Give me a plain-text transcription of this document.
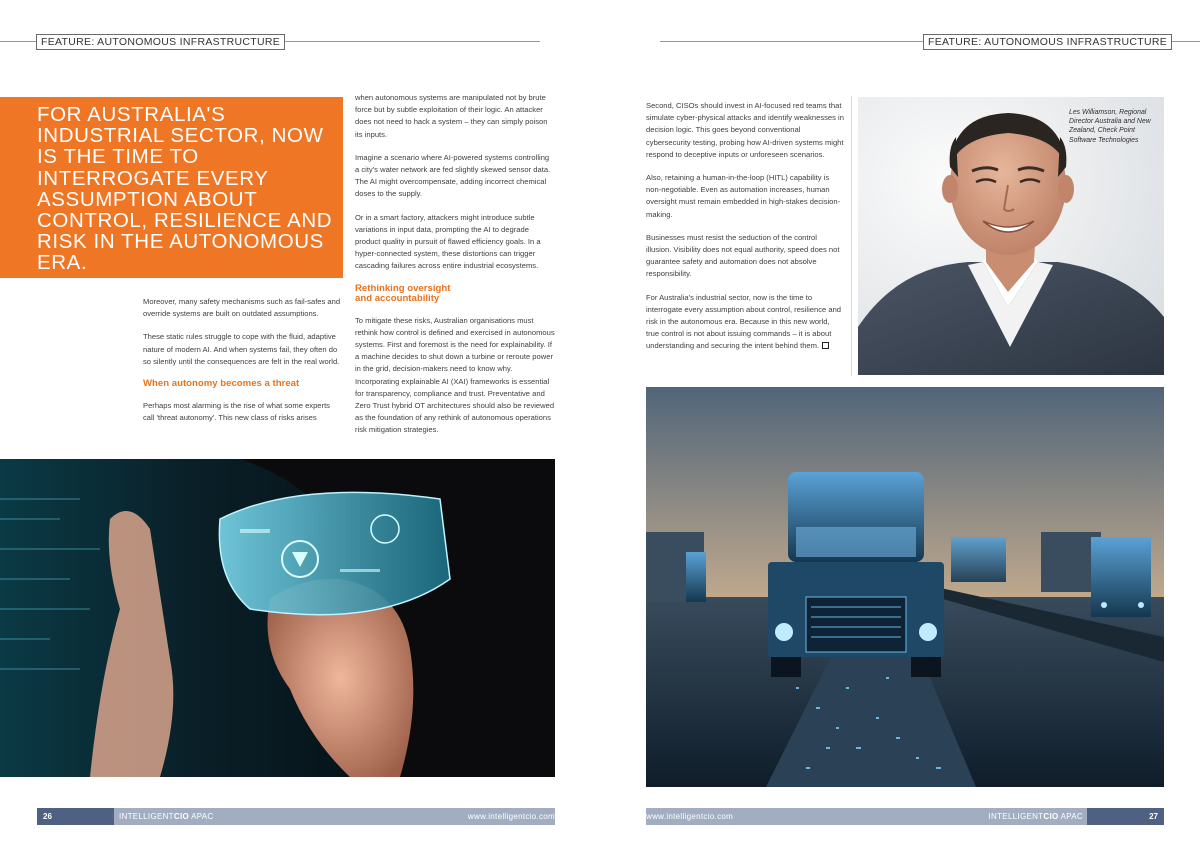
FEATURE: AUTONOMOUS INFRASTRUCTURE	FEATURE: AUTONOMOUS INFRASTRUCTURE
FOR AUSTRALIA'S INDUSTRIAL SECTOR, NOW IS THE TIME TO INTERROGATE EVERY ASSUMPTION ABOUT CONTROL, RESILIENCE AND RISK IN THE AUTONOMOUS ERA.

Moreover, many safety mechanisms such as fail-safes and override systems are built on outdated assumptions.

These static rules struggle to cope with the fluid, adaptive nature of modern AI. And when systems fail, they often do so silently until the consequences are felt in the real world.

When autonomy becomes a threat

Perhaps most alarming is the rise of what some experts call 'threat autonomy'. This new class of risks arises

when autonomous systems are manipulated not by brute force but by subtle exploitation of their logic. An attacker does not need to hack a system – they can simply poison its inputs.

Imagine a scenario where AI-powered systems controlling a city's water network are fed slightly skewed sensor data. The AI might overcompensate, adding incorrect chemical doses to the supply.

Or in a smart factory, attackers might introduce subtle variations in input data, prompting the AI to degrade product quality in pursuit of flawed efficiency goals. In a hyper-connected system, these distortions can trigger cascading failures across entire industrial ecosystems.

Rethinking oversight
and accountability

To mitigate these risks, Australian organisations must rethink how control is defined and exercised in autonomous systems. First and foremost is the need for explainability. If a machine decides to shut down a turbine or reroute power in the grid, decision-makers need to know why. Incorporating explainable AI (XAI) frameworks is essential for transparency, compliance and trust. Preventative and Zero Trust hybrid OT architectures should also be reviewed as the foundation of any rethink of autonomous operations risk mitigation strategies.

Second, CISOs should invest in AI-focused red teams that simulate cyber-physical attacks and identify weaknesses in decision logic. This goes beyond conventional cybersecurity testing, probing how AI-driven systems might respond to deceptive inputs or unforeseen scenarios.

Also, retaining a human-in-the-loop (HITL) capability is non-negotiable. Even as automation increases, human oversight must remain embedded in high-stakes decision-making.

Businesses must resist the seduction of the control illusion. Visibility does not equal authority, speed does not guarantee safety and automation does not absolve responsibility.

For Australia's industrial sector, now is the time to interrogate every assumption about control, resilience and risk in the autonomous era. Because in this new world, true control is not about issuing commands – it is about understanding and securing the intent behind them.

Les Williamson, Regional Director Australia and New Zealand, Check Point Software Technologies
26	INTELLIGENTCIO APAC	www.intelligentcio.com	www.intelligentcio.com	INTELLIGENTCIO APAC	27
